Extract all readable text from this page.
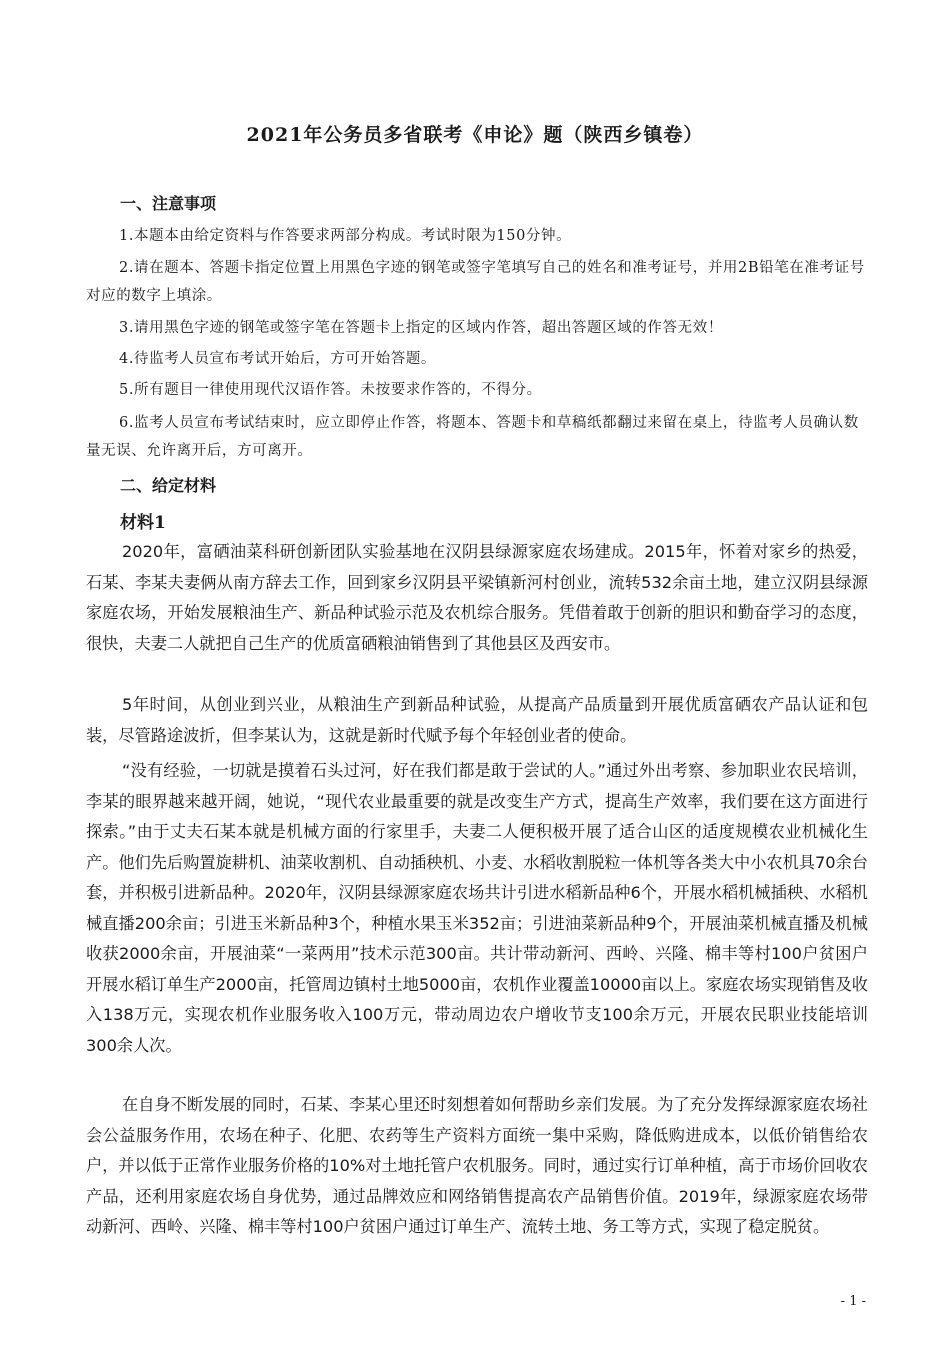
2021年公务员多省联考《申论》题（陕西乡镇卷）
一、注意事项

1.本题本由给定资料与作答要求两部分构成。考试时限为150分钟。

2.请在题本、答题卡指定位置上用黑色字迹的钢笔或签字笔填写自己的姓名和准考证号，并用2B铅笔在准考证号对应的数字上填涂。

3.请用黑色字迹的钢笔或签字笔在答题卡上指定的区域内作答，超出答题区域的作答无效！

4.待监考人员宣布考试开始后，方可开始答题。

5.所有题目一律使用现代汉语作答。未按要求作答的，不得分。

6.监考人员宣布考试结束时，应立即停止作答，将题本、答题卡和草稿纸都翻过来留在桌上，待监考人员确认数量无误、允许离开后，方可离开。

二、给定材料
材料1

2020年，富硒油菜科研创新团队实验基地在汉阴县绿源家庭农场建成。2015年，怀着对家乡的热爱，石某、李某夫妻俩从南方辞去工作，回到家乡汉阴县平梁镇新河村创业，流转532余亩土地，建立汉阴县绿源家庭农场，开始发展粮油生产、新品种试验示范及农机综合服务。凭借着敢于创新的胆识和勤奋学习的态度，很快，夫妻二人就把自己生产的优质富硒粮油销售到了其他县区及西安市。

5年时间，从创业到兴业，从粮油生产到新品种试验，从提高产品质量到开展优质富硒农产品认证和包装，尽管路途波折，但李某认为，这就是新时代赋予每个年轻创业者的使命。

“没有经验，一切就是摸着石头过河，好在我们都是敢于尝试的人。”通过外出考察、参加职业农民培训，李某的眼界越来越开阔，她说，“现代农业最重要的就是改变生产方式，提高生产效率，我们要在这方面进行探索。”由于丈夫石某本就是机械方面的行家里手，夫妻二人便积极开展了适合山区的适度规模农业机械化生产。他们先后购置旋耕机、油菜收割机、自动插秧机、小麦、水稻收割脱粒一体机等各类大中小农机具70余台套，并积极引进新品种。2020年，汉阴县绿源家庭农场共计引进水稻新品种6个，开展水稻机械插秧、水稻机械直播200余亩；引进玉米新品种3个，种植水果玉米352亩；引进油菜新品种9个，开展油菜机械直播及机械收获2000余亩，开展油菜“一菜两用”技术示范300亩。共计带动新河、西岭、兴隆、棉丰等村100户贫困户开展水稻订单生产2000亩，托管周边镇村土地5000亩，农机作业覆盖10000亩以上。家庭农场实现销售及收入138万元，实现农机作业服务收入100万元，带动周边农户增收节支100余万元，开展农民职业技能培训300余人次。

在自身不断发展的同时，石某、李某心里还时刻想着如何帮助乡亲们发展。为了充分发挥绿源家庭农场社会公益服务作用，农场在种子、化肥、农药等生产资料方面统一集中采购，降低购进成本，以低价销售给农户，并以低于正常作业服务价格的10%对土地托管户农机服务。同时，通过实行订单种植，高于市场价回收农产品，还利用家庭农场自身优势，通过品牌效应和网络销售提高农产品销售价值。2019年，绿源家庭农场带动新河、西岭、兴隆、棉丰等村100户贫困户通过订单生产、流转土地、务工等方式，实现了稳定脱贫。

- 1 -
